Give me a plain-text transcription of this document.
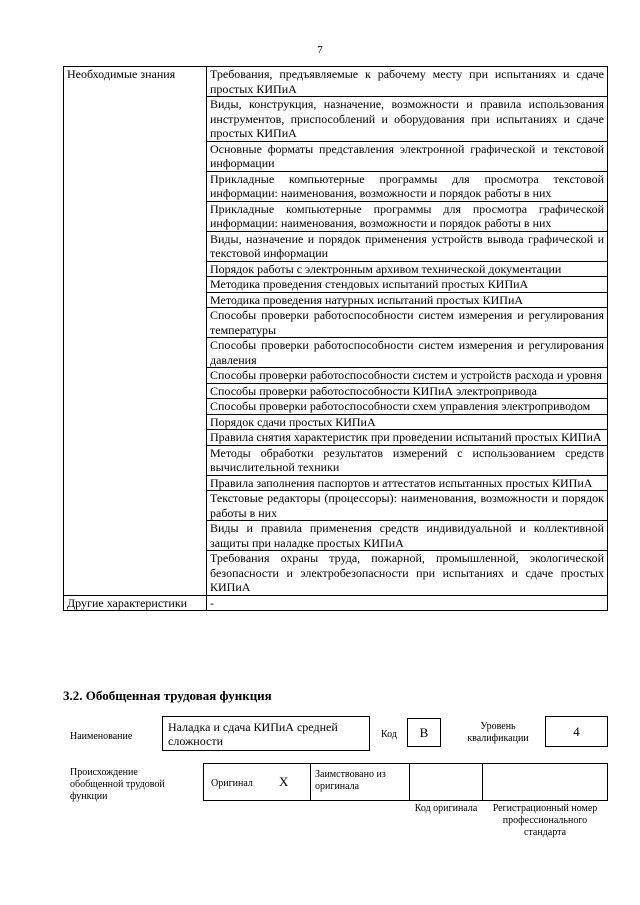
7
Необходимые знания	Требования, предъявляемые к рабочему месту при испытаниях и сдаче простых КИПиА
	Виды, конструкция, назначение, возможности и правила использования инструментов, приспособлений и оборудования при испытаниях и сдаче простых КИПиА
	Основные форматы представления электронной графической и текстовой информации
	Прикладные компьютерные программы для просмотра текстовой информации: наименования, возможности и порядок работы в них
	Прикладные компьютерные программы для просмотра графической информации: наименования, возможности и порядок работы в них
	Виды, назначение и порядок применения устройств вывода графической и текстовой информации
	Порядок работы с электронным архивом технической документации
	Методика проведения стендовых испытаний простых КИПиА
	Методика проведения натурных испытаний простых КИПиА
	Способы проверки работоспособности систем измерения и регулирования температуры
	Способы проверки работоспособности систем измерения и регулирования давления
	Способы проверки работоспособности систем и устройств расхода и уровня
	Способы проверки работоспособности КИПиА электропривода
	Способы проверки работоспособности схем управления электроприводом
	Порядок сдачи простых КИПиА
	Правила снятия характеристик при проведении испытаний простых КИПиА
	Методы обработки результатов измерений с использованием средств вычислительной техники
	Правила заполнения паспортов и аттестатов испытанных простых КИПиА
	Текстовые редакторы (процессоры): наименования, возможности и порядок работы в них
	Виды и правила применения средств индивидуальной и коллективной защиты при наладке простых КИПиА
	Требования охраны труда, пожарной, промышленной, экологической безопасности и электробезопасности при испытаниях и сдаче простых КИПиА
Другие характеристики	-
3.2. Обобщенная трудовая функция
Наименование
Наладка и сдача КИПиА средней сложности	Код	B	Уровень квалификации	4
Происхождение обобщенной трудовой функции
Оригинал X	Заимствовано из оригинала
Код оригинала	Регистрационный номер профессионального стандарта
